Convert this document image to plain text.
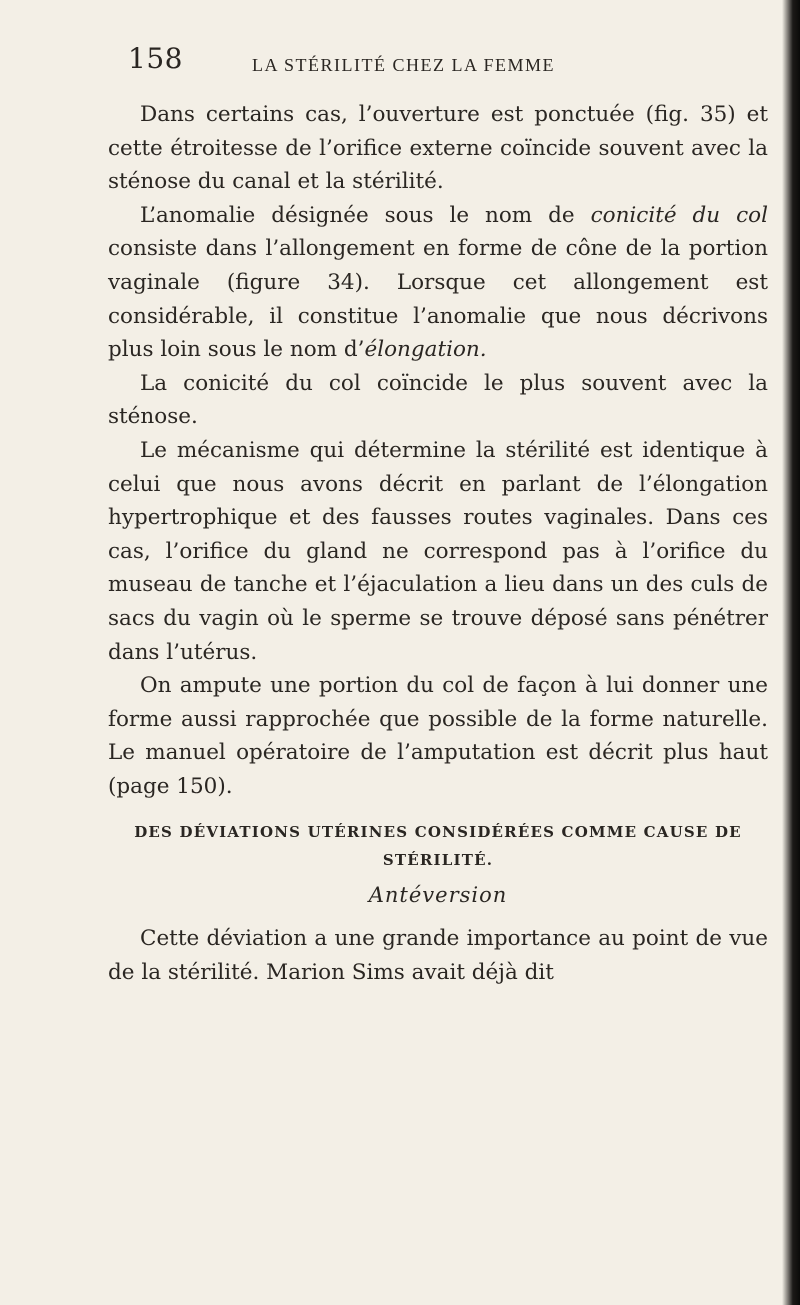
158	LA STÉRILITÉ CHEZ LA FEMME

Dans certains cas, l’ouverture est ponctuée (fig. 35) et cette étroitesse de l’orifice externe coïncide souvent avec la sténose du canal et la stérilité.

L’anomalie désignée sous le nom de conicité du col consiste dans l’allongement en forme de cône de la portion vaginale (figure 34). Lorsque cet allongement est considérable, il constitue l’anomalie que nous décrivons plus loin sous le nom d’élongation.

La conicité du col coïncide le plus souvent avec la sténose.

Le mécanisme qui détermine la stérilité est identique à celui que nous avons décrit en parlant de l’élongation hypertrophique et des fausses routes vaginales. Dans ces cas, l’orifice du gland ne correspond pas à l’orifice du museau de tanche et l’éjaculation a lieu dans un des culs de sacs du vagin où le sperme se trouve déposé sans pénétrer dans l’utérus.

On ampute une portion du col de façon à lui donner une forme aussi rapprochée que possible de la forme naturelle. Le manuel opératoire de l’amputation est décrit plus haut (page 150).

DES DÉVIATIONS UTÉRINES CONSIDÉRÉES COMME CAUSE DE STÉRILITÉ.
Antéversion

Cette déviation a une grande importance au point de vue de la stérilité. Marion Sims avait déjà dit
